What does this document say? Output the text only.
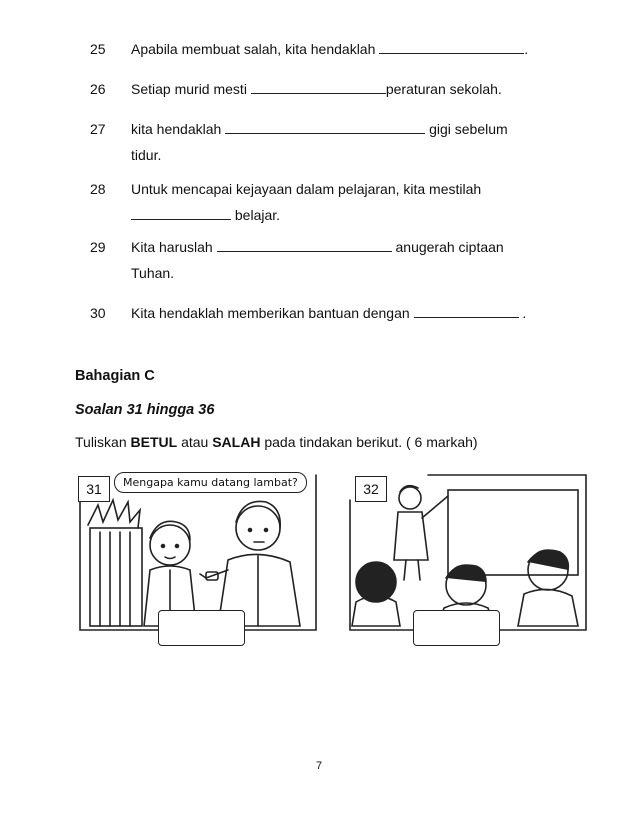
25 Apabila membuat salah, kita hendaklah	.
26 Setiap murid mesti	peraturan sekolah.
27 kita hendaklah	gigi sebelum tidur.
28 Untuk mencapai kejayaan dalam pelajaran, kita mestilah  belajar.
29 Kita haruslah	anugerah ciptaan Tuhan.
30 Kita hendaklah memberikan bantuan dengan	.
Bahagian C
Soalan 31 hingga 36
Tuliskan BETUL atau SALAH pada tindakan berikut. ( 6 markah)
31	Mengapa kamu datang lambat?	32
7
